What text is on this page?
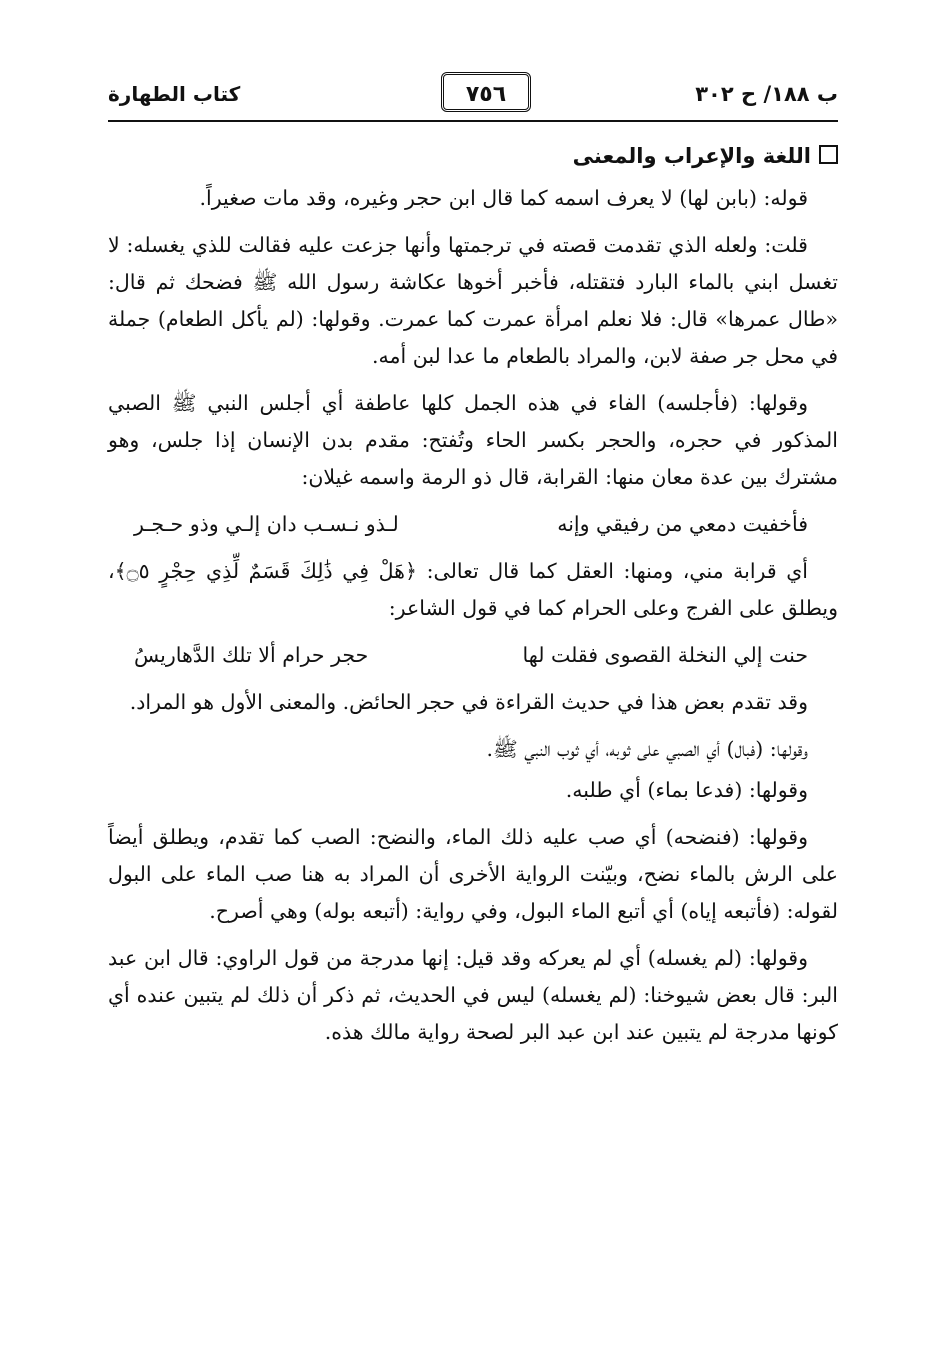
ب ١٨٨/ ح ٣٠٢
٧٥٦
كتاب الطهارة
اللغة والإعراب والمعنى

قوله: (بابن لها) لا يعرف اسمه كما قال ابن حجر وغيره، وقد مات صغيراً.

قلت: ولعله الذي تقدمت قصته في ترجمتها وأنها جزعت عليه فقالت للذي يغسله: لا تغسل ابني بالماء البارد فتقتله، فأخبر أخوها عكاشة رسول الله ﷺ فضحك ثم قال: «طال عمرها» قال: فلا نعلم امرأة عمرت كما عمرت. وقولها: (لم يأكل الطعام) جملة في محل جر صفة لابن، والمراد بالطعام ما عدا لبن أمه.

وقولها: (فأجلسه) الفاء في هذه الجمل كلها عاطفة أي أجلس النبي ﷺ الصبي المذكور في حجره، والحجر بكسر الحاء وتُفتح: مقدم بدن الإنسان إذا جلس، وهو مشترك بين عدة معان منها: القرابة، قال ذو الرمة واسمه غيلان:

فأخفيت دمعي من رفيقي وإنه
لـذو نـسـب دان إلـي وذو حـجـر

أي قرابة مني، ومنها: العقل كما قال تعالى: ﴿هَلْ فِي ذَٰلِكَ قَسَمٌ لِّذِي حِجْرٍ ۝٥﴾، ويطلق على الفرج وعلى الحرام كما في قول الشاعر:

حنت إلي النخلة القصوى فقلت لها
حجر حرام ألا تلك الدَّهاريسُ

وقد تقدم بعض هذا في حديث القراءة في حجر الحائض. والمعنى الأول هو المراد.

وقولها: (فبال) أي الصبي على ثوبه، أي ثوب النبي ﷺ.

وقولها: (فدعا بماء) أي طلبه.

وقولها: (فنضحه) أي صب عليه ذلك الماء، والنضح: الصب كما تقدم، ويطلق أيضاً على الرش بالماء نضح، وبيّنت الرواية الأخرى أن المراد به هنا صب الماء على البول لقوله: (فأتبعه إياه) أي أتبع الماء البول، وفي رواية: (أتبعه بوله) وهي أصرح.

وقولها: (لم يغسله) أي لم يعركه وقد قيل: إنها مدرجة من قول الراوي: قال ابن عبد البر: قال بعض شيوخنا: (لم يغسله) ليس في الحديث، ثم ذكر أن ذلك لم يتبين عنده أي كونها مدرجة لم يتبين عند ابن عبد البر لصحة رواية مالك هذه.
